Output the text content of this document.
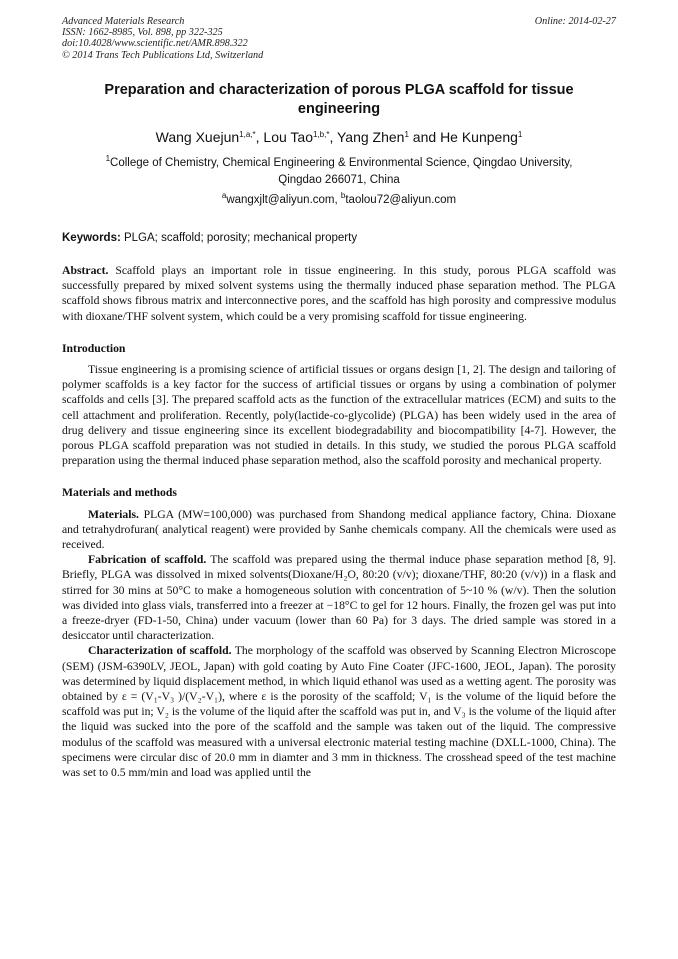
Advanced Materials Research
ISSN: 1662-8985, Vol. 898, pp 322-325
doi:10.4028/www.scientific.net/AMR.898.322
© 2014 Trans Tech Publications Ltd, Switzerland
Online: 2014-02-27
Preparation and characterization of porous PLGA scaffold for tissue engineering
Wang Xuejun$^{1,a,*}$, Lou Tao$^{1,b,*}$, Yang Zhen$^1$ and He Kunpeng$^1$
$^1$College of Chemistry, Chemical Engineering & Environmental Science, Qingdao University,
Qingdao 266071, China
$^a$wangxjlt@aliyun.com, $^b$taolou72@aliyun.com
Keywords: PLGA; scaffold; porosity; mechanical property

Abstract. Scaffold plays an important role in tissue engineering. In this study, porous PLGA scaffold was successfully prepared by mixed solvent systems using the thermally induced phase separation method. The PLGA scaffold shows fibrous matrix and interconnective pores, and the scaffold has high porosity and compressive modulus with dioxane/THF solvent system, which could be a very promising scaffold for tissue engineering.

Introduction

Tissue engineering is a promising science of artificial tissues or organs design [1, 2]. The design and tailoring of polymer scaffolds is a key factor for the success of artificial tissues or organs by using a combination of polymer scaffolds and cells [3]. The prepared scaffold acts as the function of the extracellular matrices (ECM) and suits to the cell attachment and proliferation. Recently, poly(lactide-co-glycolide) (PLGA) has been widely used in the area of drug delivery and tissue engineering since its excellent biodegradability and biocompatibility [4-7]. However, the porous PLGA scaffold preparation was not studied in details. In this study, we studied the porous PLGA scaffold preparation using the thermal induced phase separation method, also the scaffold porosity and mechanical property.

Materials and methods

Materials. PLGA (MW=100,000) was purchased from Shandong medical appliance factory, China. Dioxane and tetrahydrofuran( analytical reagent) were provided by Sanhe chemicals company. All the chemicals were used as received.

Fabrication of scaffold. The scaffold was prepared using the thermal induce phase separation method [8, 9]. Briefly, PLGA was dissolved in mixed solvents(Dioxane/H₂O, 80:20 (v/v); dioxane/THF, 80:20 (v/v)) in a flask and stirred for 30 mins at 50°C to make a homogeneous solution with concentration of 5~10 % (w/v). Then the solution was divided into glass vials, transferred into a freezer at −18°C to gel for 12 hours. Finally, the frozen gel was put into a freeze-dryer (FD-1-50, China) under vacuum (lower than 60 Pa) for 3 days. The dried sample was stored in a desiccator until characterization.

Characterization of scaffold. The morphology of the scaffold was observed by Scanning Electron Microscope (SEM) (JSM-6390LV, JEOL, Japan) with gold coating by Auto Fine Coater (JFC-1600, JEOL, Japan). The porosity was determined by liquid displacement method, in which liquid ethanol was used as a wetting agent. The porosity was obtained by ε = (V₁-V₃ )/(V₂-V₁), where ε is the porosity of the scaffold; V₁ is the volume of the liquid before the scaffold was put in; V₂ is the volume of the liquid after the scaffold was put in, and V₃ is the volume of the liquid after the liquid was sucked into the pore of the scaffold and the sample was taken out of the liquid. The compressive modulus of the scaffold was measured with a universal electronic material testing machine (DXLL-1000, China). The specimens were circular disc of 20.0 mm in diamter and 3 mm in thickness. The crosshead speed of the test machine was set to 0.5 mm/min and load was applied until the
